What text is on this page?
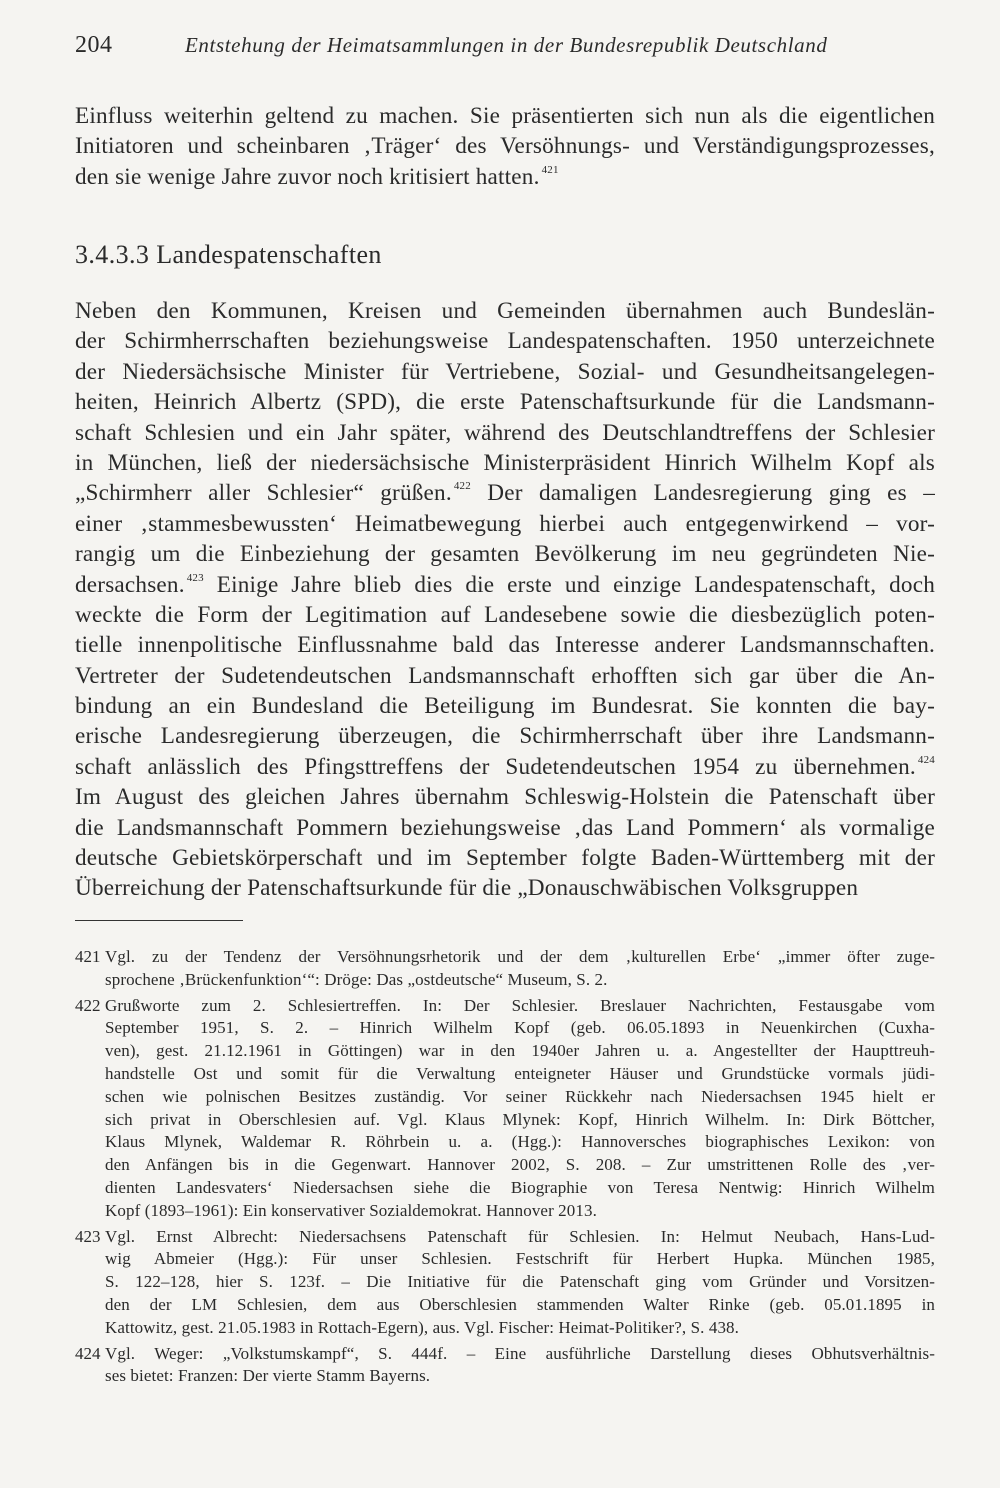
204	Entstehung der Heimatsammlungen in der Bundesrepublik Deutschland
Einfluss weiterhin geltend zu machen. Sie präsentierten sich nun als die eigentlichen
Initiatoren und scheinbaren ‚Träger‘ des Versöhnungs- und Verständigungsprozesses,
den sie wenige Jahre zuvor noch kritisiert hatten. $^{421}$
3.4.3.3 Landespatenschaften
Neben den Kommunen, Kreisen und Gemeinden übernahmen auch Bundeslän-
der Schirmherrschaften beziehungsweise Landespatenschaften. 1950 unterzeichnete
der Niedersächsische Minister für Vertriebene, Sozial- und Gesundheitsangelegen-
heiten, Heinrich Albertz (SPD), die erste Patenschaftsurkunde für die Landsmann-
schaft Schlesien und ein Jahr später, während des Deutschlandtreffens der Schlesier
in München, ließ der niedersächsische Ministerpräsident Hinrich Wilhelm Kopf als
„Schirmherr aller Schlesier“ grüßen. $^{422}$ Der damaligen Landesregierung ging es –
einer ‚stammesbewussten‘ Heimatbewegung hierbei auch entgegenwirkend – vor-
rangig um die Einbeziehung der gesamten Bevölkerung im neu gegründeten Nie-
dersachsen. $^{423}$ Einige Jahre blieb dies die erste und einzige Landespatenschaft, doch
weckte die Form der Legitimation auf Landesebene sowie die diesbezüglich poten-
tielle innenpolitische Einflussnahme bald das Interesse anderer Landsmannschaften.
Vertreter der Sudetendeutschen Landsmannschaft erhofften sich gar über die An-
bindung an ein Bundesland die Beteiligung im Bundesrat. Sie konnten die bay-
erische Landesregierung überzeugen, die Schirmherrschaft über ihre Landsmann-
schaft anlässlich des Pfingsttreffens der Sudetendeutschen 1954 zu übernehmen. $^{424}$
Im August des gleichen Jahres übernahm Schleswig-Holstein die Patenschaft über
die Landsmannschaft Pommern beziehungsweise ‚das Land Pommern‘ als vormalige
deutsche Gebietskörperschaft und im September folgte Baden-Württemberg mit der
Überreichung der Patenschaftsurkunde für die „Donauschwäbischen Volksgruppen
421 Vgl. zu der Tendenz der Versöhnungsrhetorik und der dem ‚kulturellen Erbe‘ „immer öfter zuge-
sprochene ‚Brückenfunktion‘“: Dröge: Das „ostdeutsche“ Museum, S. 2.
422 Grußworte zum 2. Schlesiertreffen. In: Der Schlesier. Breslauer Nachrichten, Festausgabe vom
September 1951, S. 2. – Hinrich Wilhelm Kopf (geb. 06.05.1893 in Neuenkirchen (Cuxha-
ven), gest. 21.12.1961 in Göttingen) war in den 1940er Jahren u. a. Angestellter der Haupttreuh-
handstelle Ost und somit für die Verwaltung enteigneter Häuser und Grundstücke vormals jüdi-
schen wie polnischen Besitzes zuständig. Vor seiner Rückkehr nach Niedersachsen 1945 hielt er
sich privat in Oberschlesien auf. Vgl. Klaus Mlynek: Kopf, Hinrich Wilhelm. In: Dirk Böttcher,
Klaus Mlynek, Waldemar R. Röhrbein u. a. (Hgg.): Hannoversches biographisches Lexikon: von
den Anfängen bis in die Gegenwart. Hannover 2002, S. 208. – Zur umstrittenen Rolle des ‚ver-
dienten Landesvaters‘ Niedersachsen siehe die Biographie von Teresa Nentwig: Hinrich Wilhelm
Kopf (1893–1961): Ein konservativer Sozialdemokrat. Hannover 2013.
423 Vgl. Ernst Albrecht: Niedersachsens Patenschaft für Schlesien. In: Helmut Neubach, Hans-Lud-
wig Abmeier (Hgg.): Für unser Schlesien. Festschrift für Herbert Hupka. München 1985,
S. 122–128, hier S. 123f. – Die Initiative für die Patenschaft ging vom Gründer und Vorsitzen-
den der LM Schlesien, dem aus Oberschlesien stammenden Walter Rinke (geb. 05.01.1895 in
Kattowitz, gest. 21.05.1983 in Rottach-Egern), aus. Vgl. Fischer: Heimat-Politiker?, S. 438.
424 Vgl. Weger: „Volkstumskampf“, S. 444f. – Eine ausführliche Darstellung dieses Obhutsverhältnis-
ses bietet: Franzen: Der vierte Stamm Bayerns.
